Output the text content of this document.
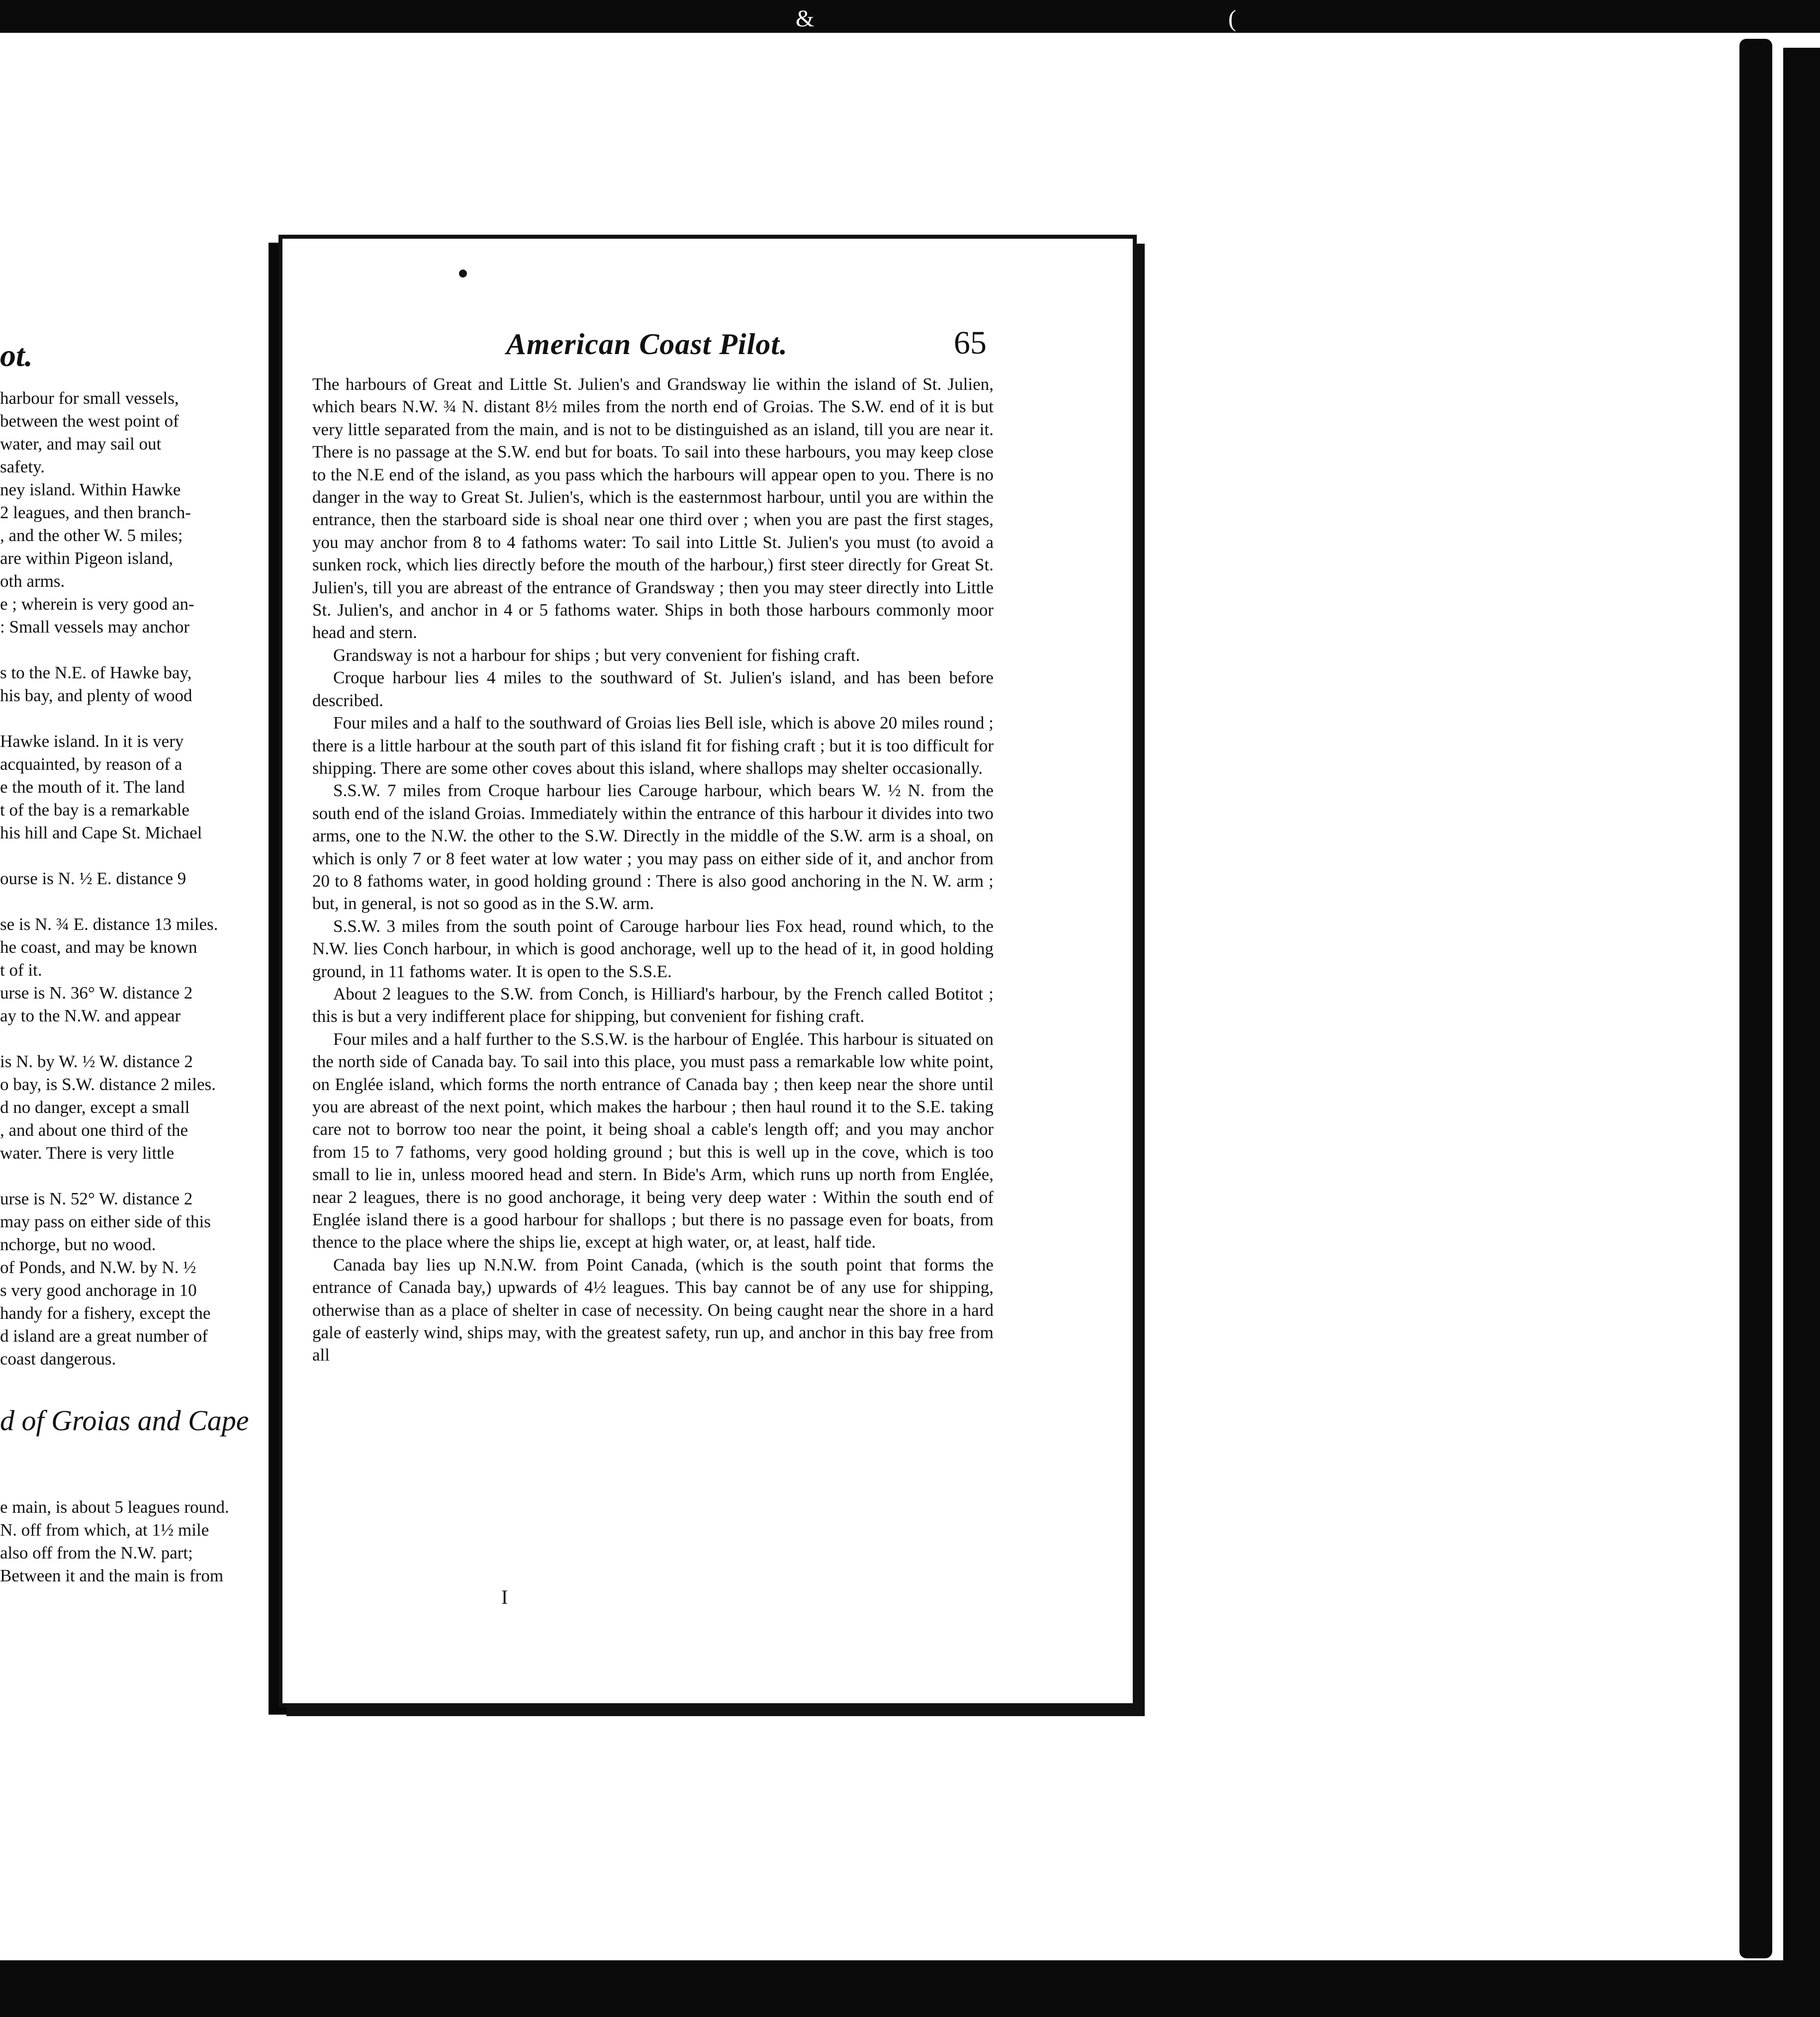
&	(
ot.
harbour for small vessels,
between the west point of
water, and may sail out
safety.
ney island. Within Hawke
2 leagues, and then branch-
, and the other W. 5 miles;
are within Pigeon island,
oth arms.
e ; wherein is very good an-
: Small vessels may anchor

s to the N.E. of Hawke bay,
his bay, and plenty of wood

Hawke island. In it is very
acquainted, by reason of a
e the mouth of it. The land
t of the bay is a remarkable
his hill and Cape St. Michael

ourse is N. ½ E. distance 9

se is N. ¾ E. distance 13 miles.
he coast, and may be known
t of it.
urse is N. 36° W. distance 2
ay to the N.W. and appear

is N. by W. ½ W. distance 2
o bay, is S.W. distance 2 miles.
d no danger, except a small
, and about one third of the
water. There is very little

urse is N. 52° W. distance 2
may pass on either side of this
nchorge, but no wood.
of Ponds, and N.W. by N. ½
s very good anchorage in 10
handy for a fishery, except the
d island are a great number of
coast dangerous.
d of Groias and Cape
e main, is about 5 leagues round.
N. off from which, at 1½ mile
also off from the N.W. part;
Between it and the main is from
American Coast Pilot.	65

The harbours of Great and Little St. Julien's and Grandsway lie within the island of St. Julien, which bears N.W. ¾ N. distant 8½ miles from the north end of Groias. The S.W. end of it is but very little separated from the main, and is not to be distinguished as an island, till you are near it. There is no passage at the S.W. end but for boats. To sail into these harbours, you may keep close to the N.E end of the island, as you pass which the harbours will appear open to you. There is no danger in the way to Great St. Julien's, which is the easternmost harbour, until you are within the entrance, then the starboard side is shoal near one third over ; when you are past the first stages, you may anchor from 8 to 4 fathoms water: To sail into Little St. Julien's you must (to avoid a sunken rock, which lies directly before the mouth of the harbour,) first steer directly for Great St. Julien's, till you are abreast of the entrance of Grandsway ; then you may steer directly into Little St. Julien's, and anchor in 4 or 5 fathoms water. Ships in both those harbours commonly moor head and stern.

Grandsway is not a harbour for ships ; but very convenient for fishing craft.

Croque harbour lies 4 miles to the southward of St. Julien's island, and has been before described.

Four miles and a half to the southward of Groias lies Bell isle, which is above 20 miles round ; there is a little harbour at the south part of this island fit for fishing craft ; but it is too difficult for shipping. There are some other coves about this island, where shallops may shelter occasionally.

S.S.W. 7 miles from Croque harbour lies Carouge harbour, which bears W. ½ N. from the south end of the island Groias. Immediately within the entrance of this harbour it divides into two arms, one to the N.W. the other to the S.W. Directly in the middle of the S.W. arm is a shoal, on which is only 7 or 8 feet water at low water ; you may pass on either side of it, and anchor from 20 to 8 fathoms water, in good holding ground : There is also good anchoring in the N. W. arm ; but, in general, is not so good as in the S.W. arm.

S.S.W. 3 miles from the south point of Carouge harbour lies Fox head, round which, to the N.W. lies Conch harbour, in which is good anchorage, well up to the head of it, in good holding ground, in 11 fathoms water. It is open to the S.S.E.

About 2 leagues to the S.W. from Conch, is Hilliard's harbour, by the French called Botitot ; this is but a very indifferent place for shipping, but convenient for fishing craft.

Four miles and a half further to the S.S.W. is the harbour of Englée. This harbour is situated on the north side of Canada bay. To sail into this place, you must pass a remarkable low white point, on Englée island, which forms the north entrance of Canada bay ; then keep near the shore until you are abreast of the next point, which makes the harbour ; then haul round it to the S.E. taking care not to borrow too near the point, it being shoal a cable's length off; and you may anchor from 15 to 7 fathoms, very good holding ground ; but this is well up in the cove, which is too small to lie in, unless moored head and stern. In Bide's Arm, which runs up north from Englée, near 2 leagues, there is no good anchorage, it being very deep water : Within the south end of Englée island there is a good harbour for shallops ; but there is no passage even for boats, from thence to the place where the ships lie, except at high water, or, at least, half tide.

Canada bay lies up N.N.W. from Point Canada, (which is the south point that forms the entrance of Canada bay,) upwards of 4½ leagues. This bay cannot be of any use for shipping, otherwise than as a place of shelter in case of necessity. On being caught near the shore in a hard gale of easterly wind, ships may, with the greatest safety, run up, and anchor in this bay free from all

I
